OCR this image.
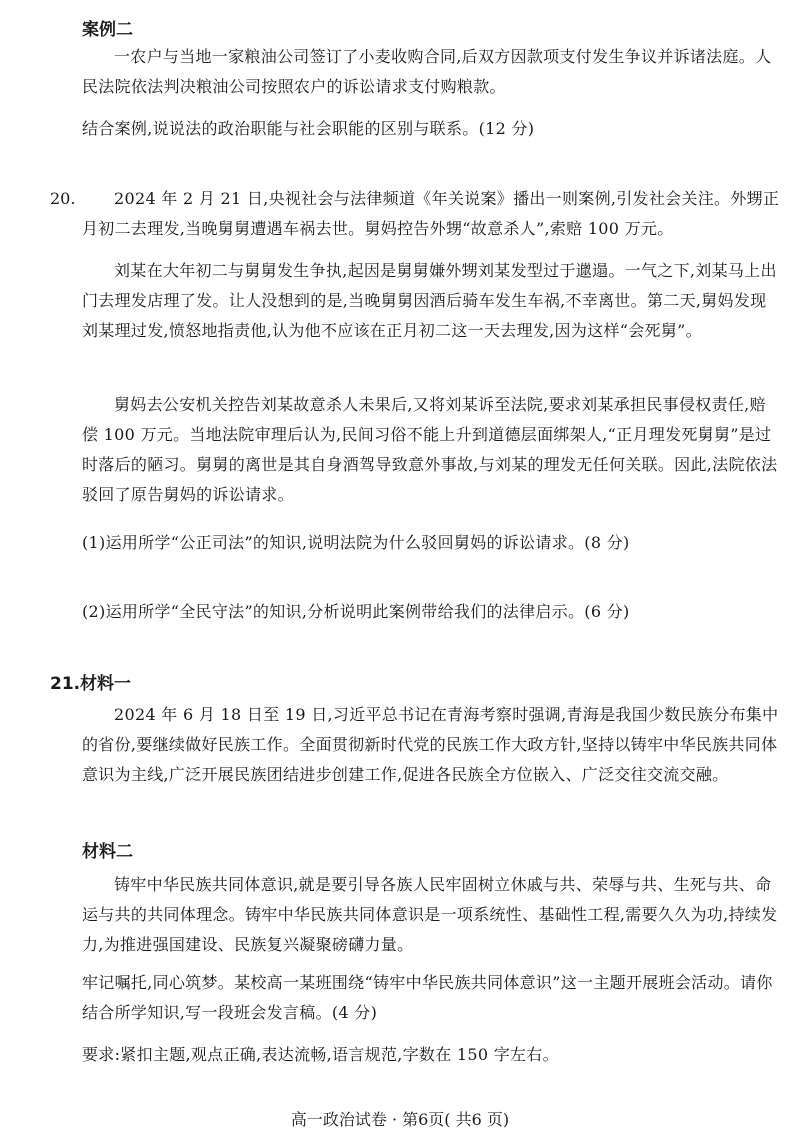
案例二

一农户与当地一家粮油公司签订了小麦收购合同,后双方因款项支付发生争议并诉诸法庭。人民法院依法判决粮油公司按照农户的诉讼请求支付购粮款。

结合案例,说说法的政治职能与社会职能的区别与联系。(12 分)

20.	2024 年 2 月 21 日,央视社会与法律频道《年关说案》播出一则案例,引发社会关注。外甥正月初二去理发,当晚舅舅遭遇车祸去世。舅妈控告外甥“故意杀人”,索赔 100 万元。

刘某在大年初二与舅舅发生争执,起因是舅舅嫌外甥刘某发型过于邋遢。一气之下,刘某马上出门去理发店理了发。让人没想到的是,当晚舅舅因酒后骑车发生车祸,不幸离世。第二天,舅妈发现刘某理过发,愤怒地指责他,认为他不应该在正月初二这一天去理发,因为这样“会死舅”。

舅妈去公安机关控告刘某故意杀人未果后,又将刘某诉至法院,要求刘某承担民事侵权责任,赔偿 100 万元。当地法院审理后认为,民间习俗不能上升到道德层面绑架人,“正月理发死舅舅”是过时落后的陋习。舅舅的离世是其自身酒驾导致意外事故,与刘某的理发无任何关联。因此,法院依法驳回了原告舅妈的诉讼请求。

(1)运用所学“公正司法”的知识,说明法院为什么驳回舅妈的诉讼请求。(8 分)

(2)运用所学“全民守法”的知识,分析说明此案例带给我们的法律启示。(6 分)

21. 材料一

2024 年 6 月 18 日至 19 日,习近平总书记在青海考察时强调,青海是我国少数民族分布集中的省份,要继续做好民族工作。全面贯彻新时代党的民族工作大政方针,坚持以铸牢中华民族共同体意识为主线,广泛开展民族团结进步创建工作,促进各民族全方位嵌入、广泛交往交流交融。

材料二

铸牢中华民族共同体意识,就是要引导各族人民牢固树立休戚与共、荣辱与共、生死与共、命运与共的共同体理念。铸牢中华民族共同体意识是一项系统性、基础性工程,需要久久为功,持续发力,为推进强国建设、民族复兴凝聚磅礴力量。

牢记嘱托,同心筑梦。某校高一某班围绕“铸牢中华民族共同体意识”这一主题开展班会活动。请你结合所学知识,写一段班会发言稿。(4 分)

要求:紧扣主题,观点正确,表达流畅,语言规范,字数在 150 字左右。

高一政治试卷 · 第6页( 共6 页)
